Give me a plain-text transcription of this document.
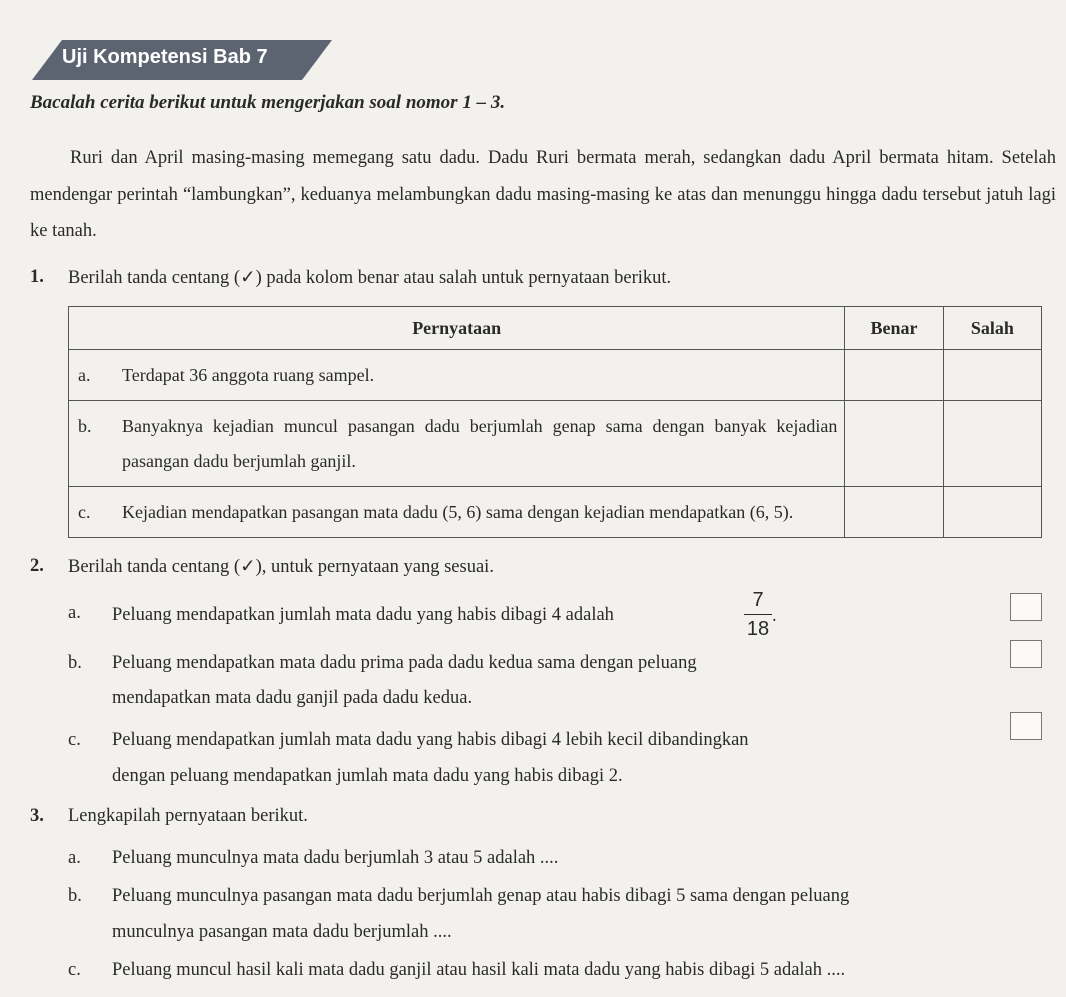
Uji Kompetensi Bab 7
Bacalah cerita berikut untuk mengerjakan soal nomor 1 – 3.

Ruri dan April masing-masing memegang satu dadu. Dadu Ruri bermata merah, sedangkan dadu April bermata hitam. Setelah mendengar perintah “lambungkan”, keduanya melambungkan dadu masing-masing ke atas dan menunggu hingga dadu tersebut jatuh lagi ke tanah.

1. Berilah tanda centang (✓) pada kolom benar atau salah untuk pernyataan berikut.
Pernyataan	Benar	Salah

a. Terdapat 36 anggota ruang sampel.		

b. Banyaknya kejadian muncul pasangan dadu berjumlah genap sama dengan banyak kejadian pasangan dadu berjumlah ganjil.		

c. Kejadian mendapatkan pasangan mata dadu (5, 6) sama dengan kejadian mendapatkan (6, 5).		

2. Berilah tanda centang (✓), untuk pernyataan yang sesuai.
a. Peluang mendapatkan jumlah mata dadu yang habis dibagi 4 adalah
7
18
.
b. Peluang mendapatkan mata dadu prima pada dadu kedua sama dengan peluang
mendapatkan mata dadu ganjil pada dadu kedua.
c. Peluang mendapatkan jumlah mata dadu yang habis dibagi 4 lebih kecil dibandingkan
dengan peluang mendapatkan jumlah mata dadu yang habis dibagi 2.
3. Lengkapilah pernyataan berikut.
a. Peluang munculnya mata dadu berjumlah 3 atau 5 adalah ....
b. Peluang munculnya pasangan mata dadu berjumlah genap atau habis dibagi 5 sama dengan peluang
munculnya pasangan mata dadu berjumlah ....
c. Peluang muncul hasil kali mata dadu ganjil atau hasil kali mata dadu yang habis dibagi 5 adalah ....
